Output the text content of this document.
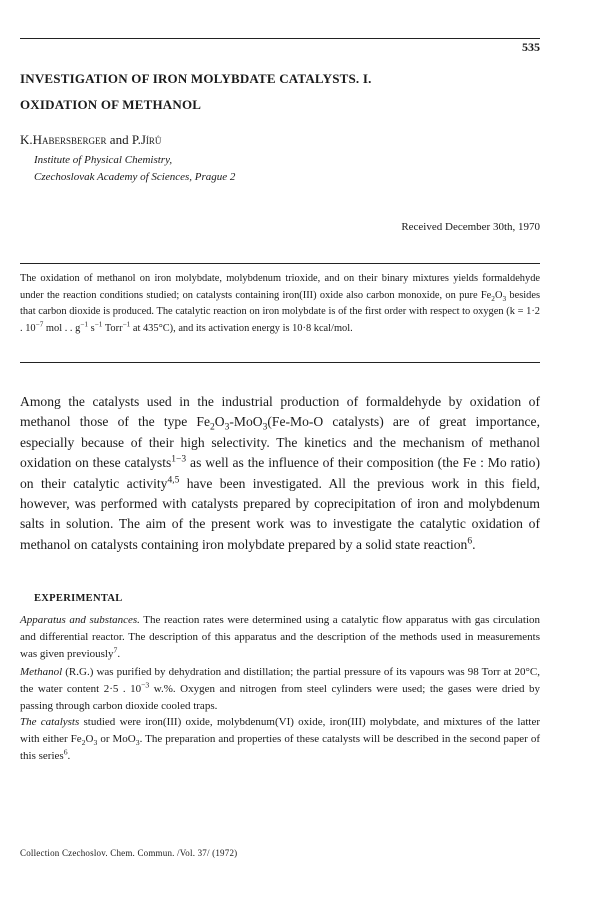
535
INVESTIGATION OF IRON MOLYBDATE CATALYSTS. I.
OXIDATION OF METHANOL
K.Habersberger and P.Jírů
Institute of Physical Chemistry,
Czechoslovak Academy of Sciences, Prague 2
Received December 30th, 1970
The oxidation of methanol on iron molybdate, molybdenum trioxide, and on their binary mixtures yields formaldehyde under the reaction conditions studied; on catalysts containing iron(III) oxide also carbon monoxide, on pure $Fe_2O_3$ besides that carbon dioxide is produced. The catalytic reaction on iron molybdate is of the first order with respect to oxygen (k = 1·2 . $10^{-7}$ mol . . $g^{-1}$ $s^{-1}$ Torr$^{-1}$ at 435°C), and its activation energy is 10·8 kcal/mol.
Among the catalysts used in the industrial production of formaldehyde by oxidation of methanol those of the type $Fe_2O_3-MoO_3(Fe-Mo-O$ catalysts) are of great importance, especially because of their high selectivity. The kinetics and the mechanism of methanol oxidation on these catalysts$^{1-3}$ as well as the influence of their composition (the Fe : Mo ratio) on their catalytic activity$^{4,5}$ have been investigated. All the previous work in this field, however, was performed with catalysts prepared by coprecipitation of iron and molybdenum salts in solution. The aim of the present work was to investigate the catalytic oxidation of methanol on catalysts containing iron molybdate prepared by a solid state reaction$^6$.
EXPERIMENTAL
Apparatus and substances. The reaction rates were determined using a catalytic flow apparatus with gas circulation and differential reactor. The description of this apparatus and the description of the methods used in measurements was given previously$^7$.
Methanol (R.G.) was purified by dehydration and distillation; the partial pressure of its vapours was 98 Torr at 20°C, the water content 2·5 . $10^{-3}$ w.%. Oxygen and nitrogen from steel cylinders were used; the gases were dried by passing through carbon dioxide cooled traps.
The catalysts studied were iron(III) oxide, molybdenum(VI) oxide, iron(III) molybdate, and mixtures of the latter with either $Fe_2O_3$ or MoO$_3$. The preparation and properties of these catalysts will be described in the second paper of this series$^6$.
Collection Czechoslov. Chem. Commun. /Vol. 37/ (1972)
